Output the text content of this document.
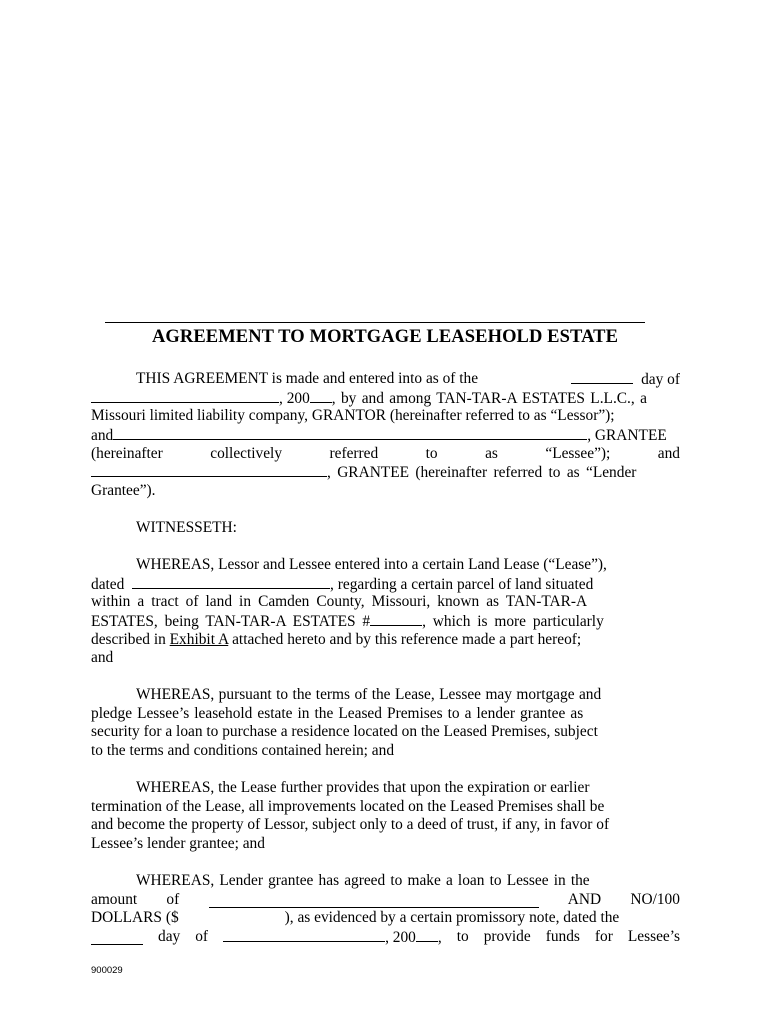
AGREEMENT TO MORTGAGE LEASEHOLD ESTATE
THIS AGREEMENT is made and entered into as of the	day of
, 200 , by and among TAN-TAR-A ESTATES L.L.C., a
Missouri limited liability company, GRANTOR (hereinafter referred to as “Lessor”);
and	, GRANTEE
(hereinafter	collectively	referred	to	as	“Lessee”);	and
, GRANTEE (hereinafter referred to as “Lender
Grantee”).
WITNESSETH:
WHEREAS, Lessor and Lessee entered into a certain Land Lease (“Lease”),
dated	, regarding a certain parcel of land situated
within a tract of land in Camden County, Missouri, known as TAN-TAR-A
ESTATES, being TAN-TAR-A ESTATES #	, which is more particularly
described in Exhibit A attached hereto and by this reference made a part hereof;
and
WHEREAS, pursuant to the terms of the Lease, Lessee may mortgage and
pledge Lessee’s leasehold estate in the Leased Premises to a lender grantee as
security for a loan to purchase a residence located on the Leased Premises, subject
to the terms and conditions contained herein; and
WHEREAS, the Lease further provides that upon the expiration or earlier
termination of the Lease, all improvements located on the Leased Premises shall be
and become the property of Lessor, subject only to a deed of trust, if any, in favor of
Lessee’s lender grantee; and
WHEREAS, Lender grantee has agreed to make a loan to Lessee in the
amount of	AND NO/100
DOLLARS ($	), as evidenced by a certain promissory note, dated the
day of	, 200 , to provide funds for Lessee’s
900029
